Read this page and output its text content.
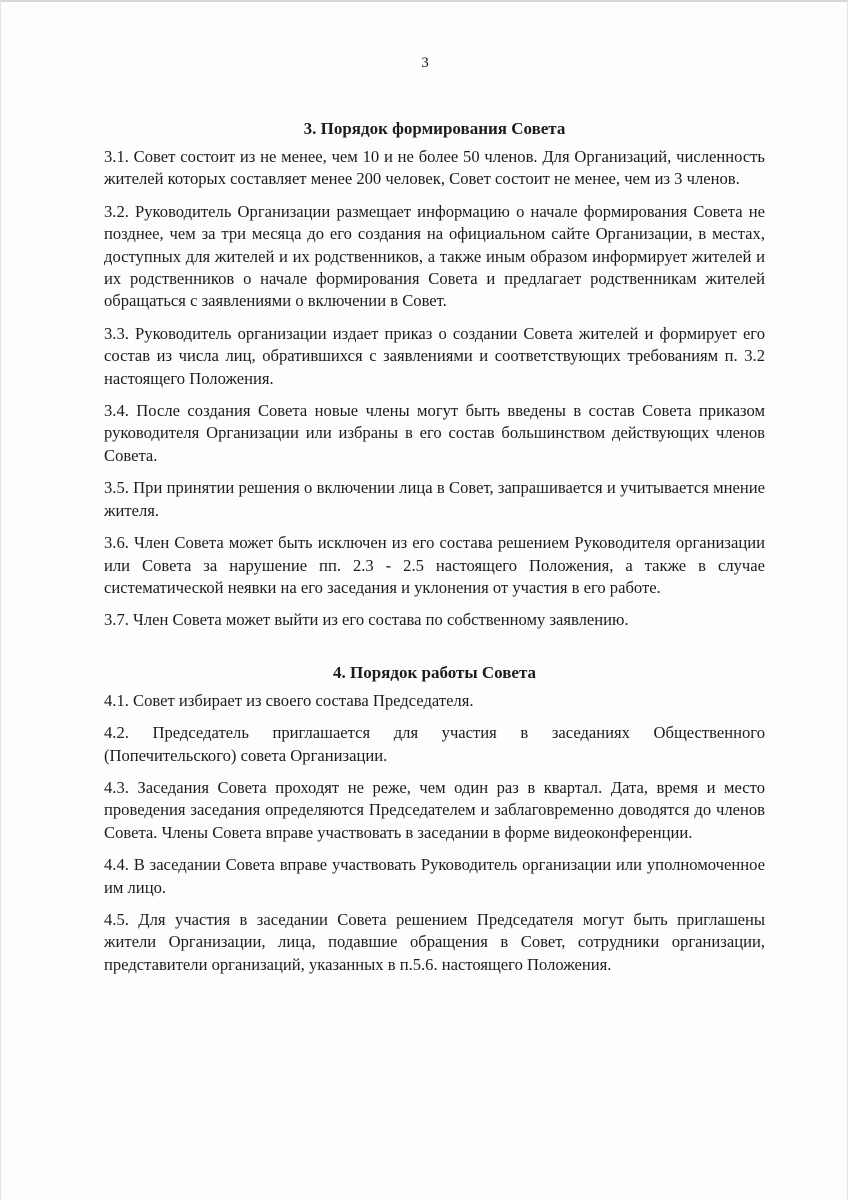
3
3. Порядок формирования Совета

3.1. Совет состоит из не менее, чем 10 и не более 50 членов. Для Организаций, численность жителей которых составляет менее 200 человек, Совет состоит не менее, чем из 3 членов.

3.2. Руководитель Организации размещает информацию о начале формирования Совета не позднее, чем за три месяца до его создания на официальном сайте Организации, в местах, доступных для жителей и их родственников, а также иным образом информирует жителей и их родственников о начале формирования Совета и предлагает родственникам жителей обращаться с заявлениями о включении в Совет.

3.3. Руководитель организации издает приказ о создании Совета жителей и формирует его состав из числа лиц, обратившихся с заявлениями и соответствующих требованиям п. 3.2 настоящего Положения.

3.4. После создания Совета новые члены могут быть введены в состав Совета приказом руководителя Организации или избраны в его состав большинством действующих членов Совета.

3.5. При принятии решения о включении лица в Совет, запрашивается и учитывается мнение жителя.

3.6. Член Совета может быть исключен из его состава решением Руководителя организации или Совета за нарушение пп. 2.3 - 2.5 настоящего Положения, а также в случае систематической неявки на его заседания и уклонения от участия в его работе.

3.7. Член Совета может выйти из его состава по собственному заявлению.

4. Порядок работы Совета

4.1. Совет избирает из своего состава Председателя.

4.2. Председатель приглашается для участия в заседаниях Общественного (Попечительского) совета Организации.

4.3. Заседания Совета проходят не реже, чем один раз в квартал. Дата, время и место проведения заседания определяются Председателем и заблаговременно доводятся до членов Совета. Члены Совета вправе участвовать в заседании в форме видеоконференции.

4.4. В заседании Совета вправе участвовать Руководитель организации или уполномоченное им лицо.

4.5. Для участия в заседании Совета решением Председателя могут быть приглашены жители Организации, лица, подавшие обращения в Совет, сотрудники организации, представители организаций, указанных в п.5.6. настоящего Положения.
